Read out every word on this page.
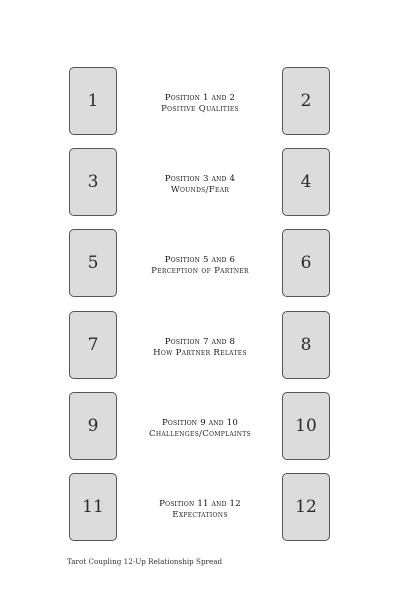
1	Position 1 and 2
Positive Qualities	2
3	Position 3 and 4
Wounds/Fear	4
5	Position 5 and 6
Perception of Partner	6
7	Position 7 and 8
How Partner Relates	8
9	Position 9 and 10
Challenges/Complaints	10
11	Position 11 and 12
Expectations	12
Tarot Coupling 12-Up Relationship Spread
